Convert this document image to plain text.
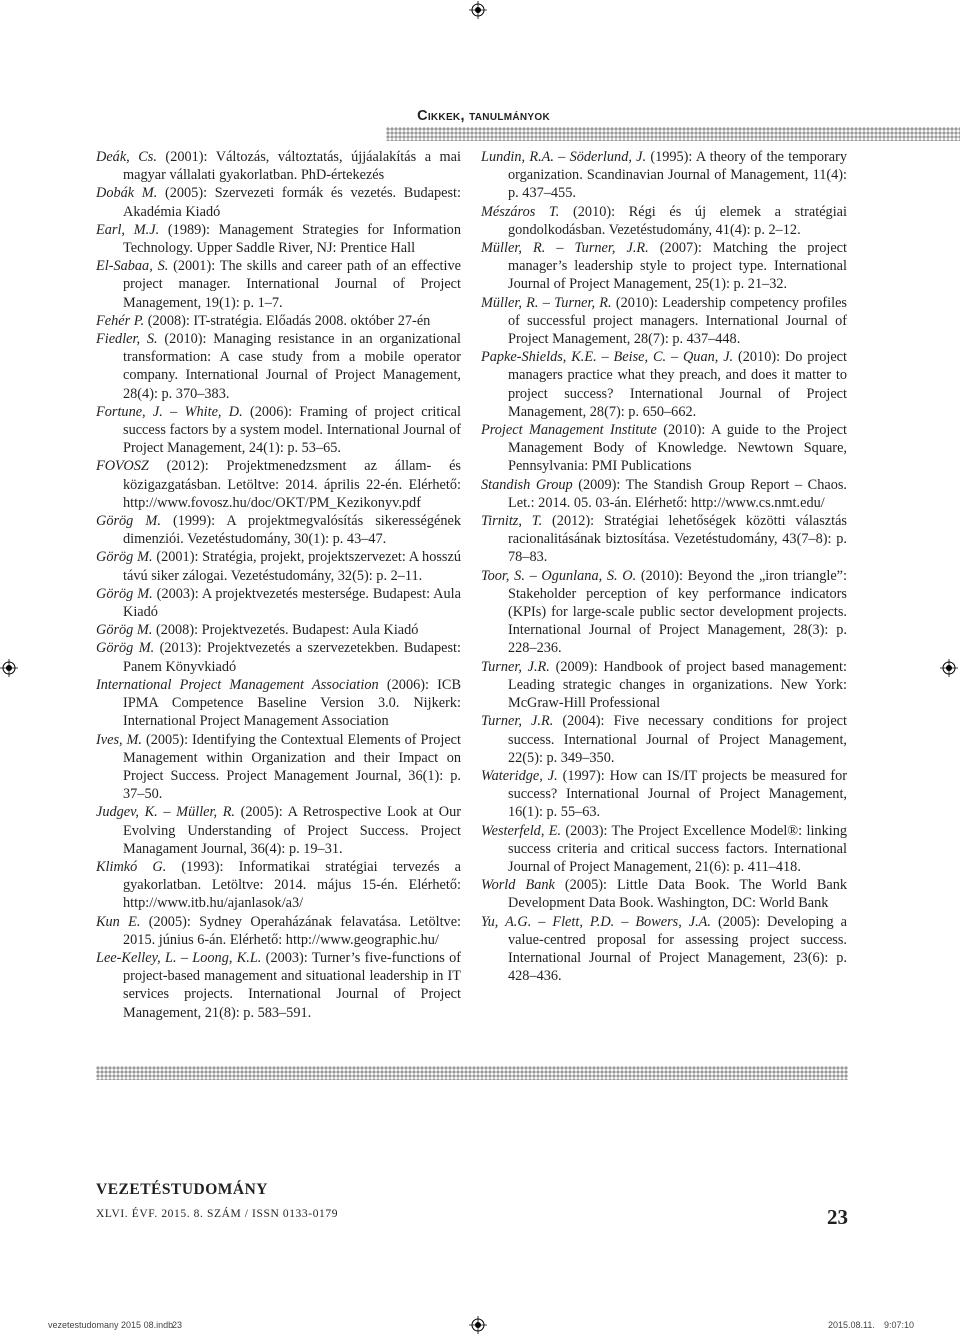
Cikkek, tanulmányok

Deák, Cs. (2001): Változás, változtatás, újjáalakítás a mai magyar vállalati gyakorlatban. PhD-értekezés

Dobák M. (2005): Szervezeti formák és vezetés. Budapest: Akadémia Kiadó

Earl, M.J. (1989): Management Strategies for Information Technology. Upper Saddle River, NJ: Prentice Hall

El-Sabaa, S. (2001): The skills and career path of an effective project manager. International Journal of Project Management, 19(1): p. 1–7.

Fehér P. (2008): IT-stratégia. Előadás 2008. október 27-én

Fiedler, S. (2010): Managing resistance in an organizational transformation: A case study from a mobile operator company. International Journal of Project Management, 28(4): p. 370–383.

Fortune, J. – White, D. (2006): Framing of project critical success factors by a system model. International Journal of Project Management, 24(1): p. 53–65.

FOVOSZ (2012): Projektmenedzsment az állam- és közigazgatásban. Letöltve: 2014. április 22-én. Elérhető: http://www.fovosz.hu/doc/OKT/PM_Kezikonyv.pdf

Görög M. (1999): A projektmegvalósítás sikerességének dimenziói. Vezetéstudomány, 30(1): p. 43–47.

Görög M. (2001): Stratégia, projekt, projektszervezet: A hosszú távú siker zálogai. Vezetéstudomány, 32(5): p. 2–11.

Görög M. (2003): A projektvezetés mestersége. Budapest: Aula Kiadó

Görög M. (2008): Projektvezetés. Budapest: Aula Kiadó

Görög M. (2013): Projektvezetés a szervezetekben. Budapest: Panem Könyvkiadó

International Project Management Association (2006): ICB IPMA Competence Baseline Version 3.0. Nijkerk: International Project Management Association

Ives, M. (2005): Identifying the Contextual Elements of Project Management within Organization and their Impact on Project Success. Project Management Journal, 36(1): p. 37–50.

Judgev, K. – Müller, R. (2005): A Retrospective Look at Our Evolving Understanding of Project Success. Project Managament Journal, 36(4): p. 19–31.

Klimkó G. (1993): Informatikai stratégiai tervezés a gyakorlatban. Letöltve: 2014. május 15-én. Elérhető: http://www.itb.hu/ajanlasok/a3/

Kun E. (2005): Sydney Operaházának felavatása. Letöltve: 2015. június 6-án. Elérhető: http://www.geographic.hu/

Lee-Kelley, L. – Loong, K.L. (2003): Turner’s five-functions of project-based management and situational leadership in IT services projects. International Journal of Project Management, 21(8): p. 583–591.

Lundin, R.A. – Söderlund, J. (1995): A theory of the temporary organization. Scandinavian Journal of Management, 11(4): p. 437–455.

Mészáros T. (2010): Régi és új elemek a stratégiai gondolkodásban. Vezetéstudomány, 41(4): p. 2–12.

Müller, R. – Turner, J.R. (2007): Matching the project manager’s leadership style to project type. International Journal of Project Management, 25(1): p. 21–32.

Müller, R. – Turner, R. (2010): Leadership competency profiles of successful project managers. International Journal of Project Management, 28(7): p. 437–448.

Papke-Shields, K.E. – Beise, C. – Quan, J. (2010): Do project managers practice what they preach, and does it matter to project success? International Journal of Project Management, 28(7): p. 650–662.

Project Management Institute (2010): A guide to the Project Management Body of Knowledge. Newtown Square, Pennsylvania: PMI Publications

Standish Group (2009): The Standish Group Report – Chaos. Let.: 2014. 05. 03-án. Elérhető: http://www.cs.nmt.edu/

Tirnitz, T. (2012): Stratégiai lehetőségek közötti választás racionalitásának biztosítása. Vezetéstudomány, 43(7–8): p. 78–83.

Toor, S. – Ogunlana, S. O. (2010): Beyond the „iron triangle”: Stakeholder perception of key performance indicators (KPIs) for large-scale public sector development projects. International Journal of Project Management, 28(3): p. 228–236.

Turner, J.R. (2009): Handbook of project based management: Leading strategic changes in organizations. New York: McGraw-Hill Professional

Turner, J.R. (2004): Five necessary conditions for project success. International Journal of Project Management, 22(5): p. 349–350.

Wateridge, J. (1997): How can IS/IT projects be measured for success? International Journal of Project Management, 16(1): p. 55–63.

Westerfeld, E. (2003): The Project Excellence Model®: linking success criteria and critical success factors. International Journal of Project Management, 21(6): p. 411–418.

World Bank (2005): Little Data Book. The World Bank Development Data Book. Washington, DC: World Bank

Yu, A.G. – Flett, P.D. – Bowers, J.A. (2005): Developing a value-centred proposal for assessing project success. International Journal of Project Management, 23(6): p. 428–436.

VEZETÉSTUDOMÁNY
XLVI. ÉVF. 2015. 8. SZÁM / ISSN 0133-0179	23
vezetestudomany 2015 08.indb
23	2015.08.11. 9:07:10
